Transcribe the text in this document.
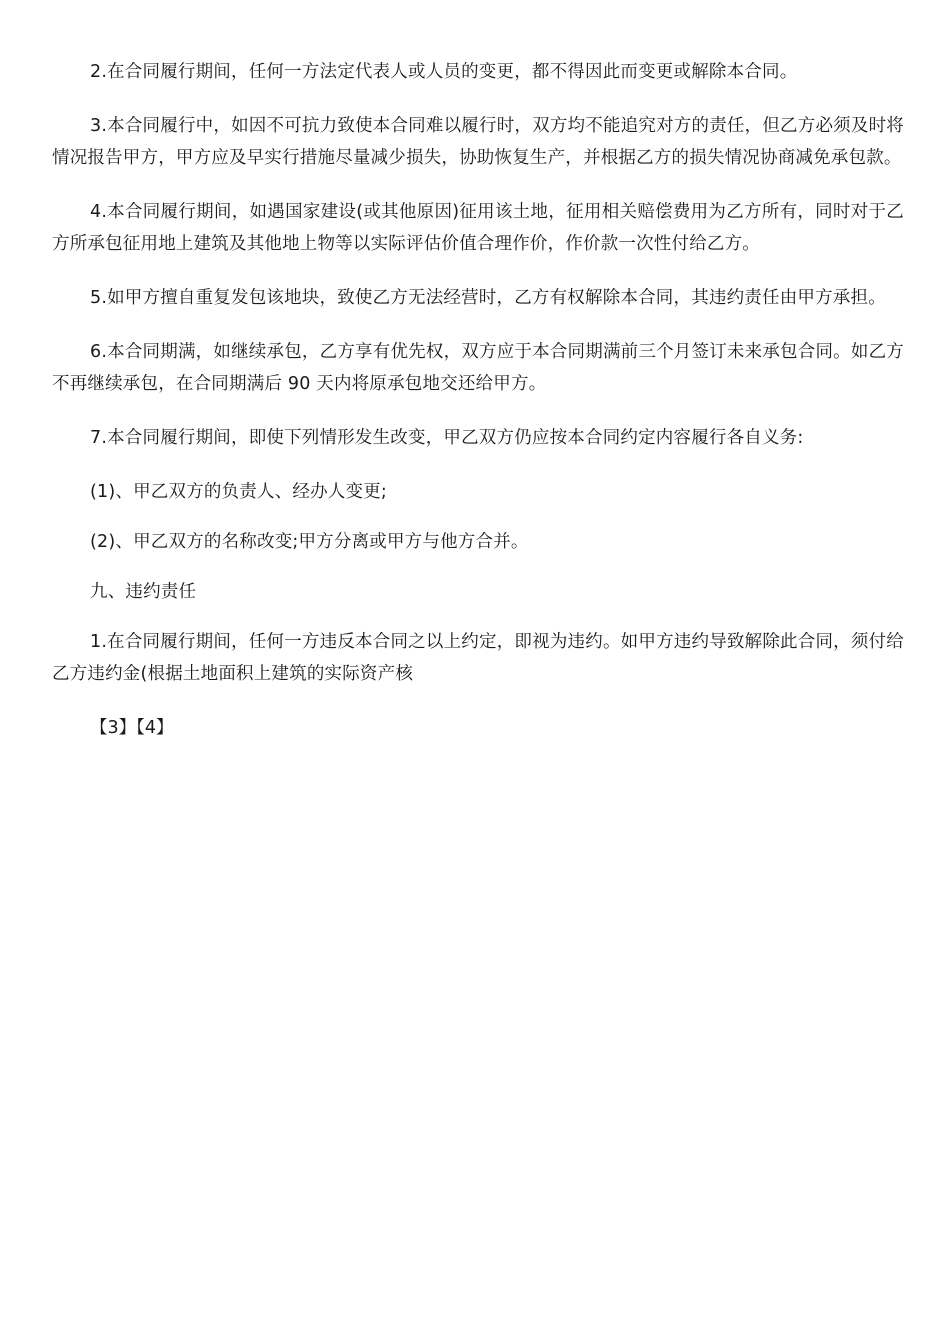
2.在合同履行期间，任何一方法定代表人或人员的变更，都不得因此而变更或解除本合同。

3.本合同履行中，如因不可抗力致使本合同难以履行时，双方均不能追究对方的责任，但乙方必须及时将情况报告甲方，甲方应及早实行措施尽量减少损失，协助恢复生产，并根据乙方的损失情况协商减免承包款。

4.本合同履行期间，如遇国家建设(或其他原因)征用该土地，征用相关赔偿费用为乙方所有，同时对于乙方所承包征用地上建筑及其他地上物等以实际评估价值合理作价，作价款一次性付给乙方。

5.如甲方擅自重复发包该地块，致使乙方无法经营时，乙方有权解除本合同，其违约责任由甲方承担。

6.本合同期满，如继续承包，乙方享有优先权，双方应于本合同期满前三个月签订未来承包合同。如乙方不再继续承包，在合同期满后 90 天内将原承包地交还给甲方。

7.本合同履行期间，即使下列情形发生改变，甲乙双方仍应按本合同约定内容履行各自义务:

(1)、甲乙双方的负责人、经办人变更;

(2)、甲乙双方的名称改变;甲方分离或甲方与他方合并。

九、违约责任

1.在合同履行期间，任何一方违反本合同之以上约定，即视为违约。如甲方违约导致解除此合同，须付给乙方违约金(根据土地面积上建筑的实际资产核

【3】【4】
